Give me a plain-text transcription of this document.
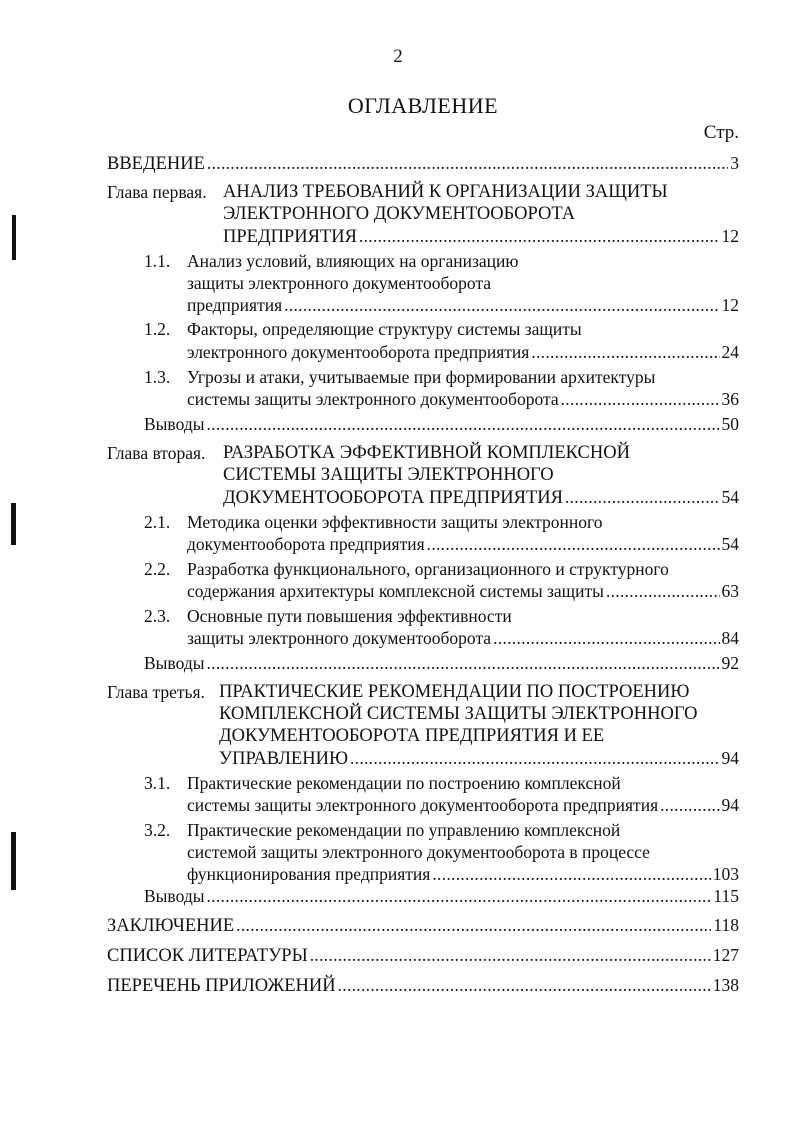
2
ОГЛАВЛЕНИЕ
Стр.
ВВЕДЕНИЕ .....	3
Глава первая. АНАЛИЗ ТРЕБОВАНИЙ К ОРГАНИЗАЦИИ ЗАЩИТЫ
ЭЛЕКТРОННОГО ДОКУМЕНТООБОРОТА
ПРЕДПРИЯТИЯ .....	12
1.1. Анализ условий, влияющих на организацию
защиты электронного документооборота
предприятия .....	12
1.2. Факторы, определяющие структуру системы защиты
электронного документооборота предприятия .....	24
1.3. Угрозы и атаки, учитываемые при формировании архитектуры
системы защиты электронного документооборота .....	36
Выводы .....	50
Глава вторая. РАЗРАБОТКА ЭФФЕКТИВНОЙ КОМПЛЕКСНОЙ
СИСТЕМЫ ЗАЩИТЫ ЭЛЕКТРОННОГО
ДОКУМЕНТООБОРОТА ПРЕДПРИЯТИЯ .....	54
2.1. Методика оценки эффективности защиты электронного
документооборота предприятия .....	54
2.2. Разработка функционального, организационного и структурного
содержания архитектуры комплексной системы защиты .....	63
2.3. Основные пути повышения эффективности
защиты электронного документооборота .....	84
Выводы .....	92
Глава третья. ПРАКТИЧЕСКИЕ РЕКОМЕНДАЦИИ ПО ПОСТРОЕНИЮ
КОМПЛЕКСНОЙ СИСТЕМЫ ЗАЩИТЫ ЭЛЕКТРОННОГО
ДОКУМЕНТООБОРОТА ПРЕДПРИЯТИЯ И ЕЕ
УПРАВЛЕНИЮ .....	94
3.1. Практические рекомендации по построению комплексной
системы защиты электронного документооборота предприятия .....	94
3.2. Практические рекомендации по управлению комплексной
системой защиты электронного документооборота в процессе
функционирования предприятия .....	103
Выводы .....	115
ЗАКЛЮЧЕНИЕ .....	118
СПИСОК ЛИТЕРАТУРЫ .....	127
ПЕРЕЧЕНЬ ПРИЛОЖЕНИЙ .....	138
